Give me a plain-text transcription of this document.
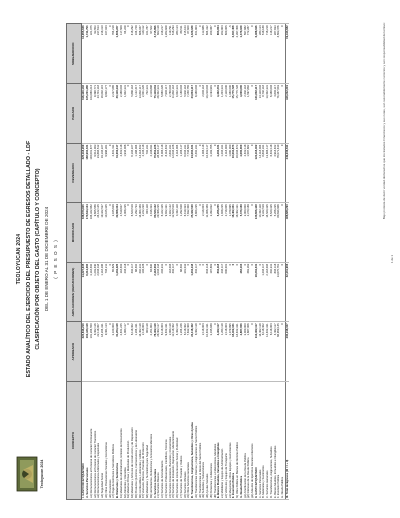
Teoloyucan 2024
TEOLOYUCAN 2024 ESTADO ANALÍTICO DEL EJERCICIO DEL PRESUPUESTO DE EGRESOS DETALLADO - LDF CLASIFICACIÓN POR OBJETO DEL GASTO (CAPÍTULO Y CONCEPTO) DEL 1 DE ENERO AL 31 DE DICIEMBRE DE 2024 ( P E S O S )
CONCEPTO	APROBADO	AMPLIACIONES/ (REDUCCIONES)	MODIFICADO	DEVENGADO	PAGADO	SUBEJERCICIO
I. GASTO NO ETIQUETADO	323,846,210	14,227,635	338,073,845	325,118,209	318,440,102	12,955,636
A. Servicios Personales	162,430,118	8,214,006	170,644,124	168,902,331	165,221,480	1,741,793
a1) Remuneraciones al Personal de Carácter Permanente	101,204,550	3,118,402	104,322,952	104,001,877	103,880,214	321,075
a2) Remuneraciones al Personal de Carácter Transitorio	8,402,116	1,203,440	9,605,556	9,512,003	9,498,771	93,553
a3) Remuneraciones Adicionales y Especiales	22,118,007	2,004,118	24,122,125	23,884,512	23,701,118	237,613
a4) Seguridad Social	18,204,331	1,118,206	19,322,537	19,104,227	16,002,115	218,310
a5) Otras Prestaciones Sociales y Económicas	9,401,114	704,211	10,105,325	9,998,301	9,902,177	107,024
a6) Previsiones	0	0	0	0	0	0
a7) Pago de Estímulos a Servidores Públicos	3,100,000	65,629	3,165,629	2,401,411	2,237,085	764,218
B. Materiales y Suministros	31,204,118	1,404,226	32,608,344	31,002,117	30,118,442	1,606,227
b1) Materiales de Administración, Emisión de Documentos	2,401,225	118,402	2,519,627	2,402,118	2,388,004	117,509
b2) Alimentos y Utensilios	1,804,117	204,118	2,008,235	1,944,006	1,902,331	64,229
b3) Materias Primas y Materiales de Producción	0	0	0	0	0	0
b4) Materiales y Artículos de Construcción y de Reparación	6,118,402	402,117	6,520,519	6,104,227	5,880,118	416,292
b5) Productos Químicos, Farmacéuticos y de Laboratorio	1,204,331	88,402	1,292,733	1,188,004	1,122,417	104,729
b6) Combustibles, Lubricantes y Aditivos	14,402,118	402,331	14,804,449	14,118,402	13,802,117	686,047
b7) Vestuario, Blancos, Prendas de Protección	2,118,004	104,226	2,222,230	2,104,118	2,001,226	118,112
b8) Materiales y Suministros para Seguridad	804,118	0	804,118	702,331	702,331	101,787
b9) Herramientas, Refacciones y Accesorios Menores	2,351,803	84,630	2,436,433	2,338,911	2,319,898	97,522
C. Servicios Generales	78,402,118	2,118,004	80,520,122	76,804,226	75,118,004	3,715,896
c1) Servicios Básicos	28,402,117	1,004,118	29,406,235	28,804,117	28,402,331	602,118
c2) Servicios de Arrendamiento	6,118,004	204,331	6,322,335	6,004,118	5,880,226	318,217
c3) Servicios Profesionales, Científicos, Técnicos	9,402,331	0	9,402,331	8,118,402	7,904,117	1,283,929
c4) Servicios Financieros, Bancarios y Comerciales	2,804,118	118,004	2,922,122	2,802,331	2,788,004	119,791
c5) Servicios de Instalación, Reparación, Mantenimiento	12,118,402	402,117	12,520,519	12,004,226	11,802,118	516,293
c6) Servicios de Comunicación Social y Publicidad	4,402,118	0	4,402,118	4,118,004	4,002,331	284,114
c7) Servicios de Traslado y Viáticos	1,204,226	88,402	1,292,628	1,204,117	1,188,004	88,511
c8) Servicios Oficiales	6,118,402	301,032	6,419,434	6,004,331	5,902,118	415,103
c9) Otros Servicios Generales	7,832,400	0	7,832,400	7,744,580	7,248,755	87,820
D. Transferencias, Asignaciones, Subsidios y Otras Ayudas	24,118,402	1,204,118	25,322,520	24,002,331	23,804,117	1,320,189
d1) Transferencias Internas y Asignaciones al Sector Público	8,402,118	402,117	8,804,235	8,402,331	8,388,004	401,904
d2) Transferencias al Resto del Sector Público	0	0	0	0	0	0
d3) Subsidios y Subvenciones	2,118,004	0	2,118,004	2,004,118	2,004,118	113,886
d4) Ayudas Sociales	10,402,331	604,118	11,006,449	10,402,117	10,218,004	604,332
d5) Pensiones y Jubilaciones	3,195,949	197,883	3,393,832	3,193,765	3,193,991	200,067
d6) Transferencias a Fideicomisos, Mandatos	0	0	0	0	0	0
E. Bienes Muebles, Inmuebles e Intangibles	4,402,117	804,118	5,206,235	4,402,331	4,402,331	803,904
e1) Mobiliario y Equipo de Administración	1,204,118	204,117	1,408,235	1,204,331	1,204,331	203,904
e2) Vehículos y Equipo de Transporte	2,118,004	600,001	2,718,005	2,118,000	2,118,000	600,005
e3) Maquinaria, Otros Equipos y Herramientas	1,079,995	0	1,079,995	1,080,000	1,080,000	-5
F. Inversión Pública	18,402,331	0	18,402,331	16,004,873	15,775,728	2,397,458
f1) Obra Pública en Bienes de Dominio Público	18,402,331	0	18,402,331	16,004,873	15,775,728	2,397,458
G. Deuda Pública	4,887,006	483,163	5,370,169	4,000,000	4,000,000	1,370,169
g1) Amortización de la Deuda Pública	3,000,000	0	3,000,000	2,402,118	2,402,118	597,882
g2) Intereses de la Deuda Pública	1,887,006	483,163	2,370,169	1,597,882	1,597,882	772,287
g3) Adeudos de Ejercicios Fiscales Anteriores	0	0	0	0	0	0
II. GASTO ETIQUETADO	112,402,117	18,204,331	130,606,448	124,118,402	121,802,117	6,488,046
A. Servicios Personales	14,402,118	0	14,402,118	14,118,004	14,118,004	284,114
B. Materiales y Suministros	8,118,402	1,204,117	9,322,519	8,804,331	8,702,118	518,188
C. Servicios Generales	12,402,331	2,118,004	14,520,335	13,804,117	13,402,331	716,218
D. Transferencias, Asignaciones, Subsidios	6,118,004	402,331	6,520,335	6,402,118	6,388,004	118,217
E. Bienes Muebles, Inmuebles e Intangibles	4,402,117	804,118	5,206,235	4,918,402	4,804,117	287,833
F. Inversión Pública	66,959,145	13,675,761	80,634,906	76,071,430	74,387,543	4,563,476
G. Deuda Pública	0	0	0	0	0	0
III. Total de Egresos (III = I + II)	436,248,327	32,431,966	468,680,293	449,236,611	440,242,219	19,443,682	Bajo protesta de decir verdad declaramos que los Estados Financieros y sus notas, son razonablemente correctos y son responsabilidad del emisor.
1 de 1
